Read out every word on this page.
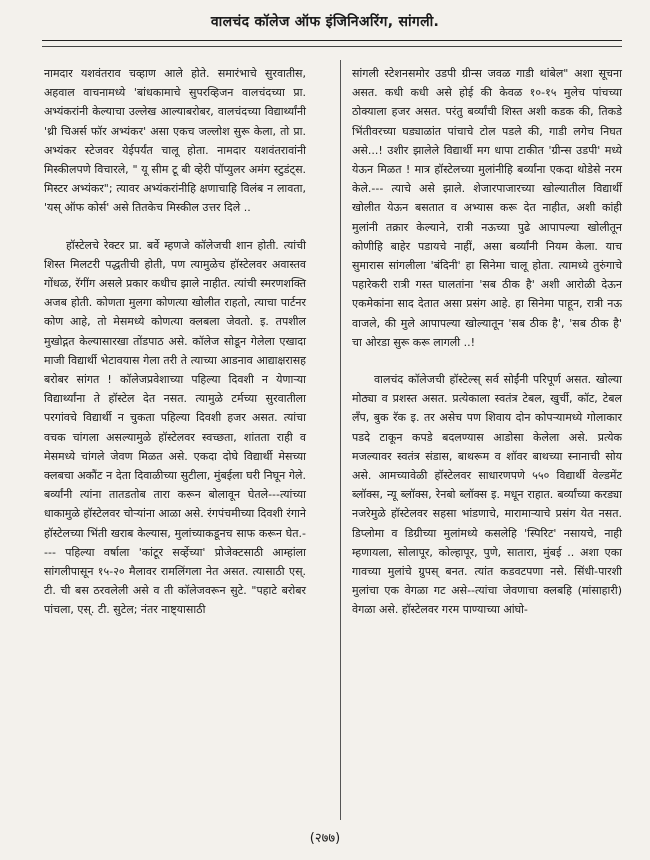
वालचंद कॉलेज ऑफ इंजिनिअरिंग, सांगली.

नामदार यशवंतराव चव्हाण आले होते. समारंभाचे सुरवातीस, अहवाल वाचनामध्ये 'बांधकामाचे सुपरव्हिजन वालचंदच्या प्रा. अभ्यंकरांनी केल्याचा उल्लेख आल्याबरोबर, वालचंदच्या विद्यार्थ्यांनी 'थ्री चिअर्स फॉर अभ्यंकर' असा एकच जल्लोश सुरू केला, तो प्रा. अभ्यंकर स्टेजवर येईपर्यंत चालू होता. नामदार यशवंतरावांनी मिस्कीलपणे विचारले, " यू सीम टू बी व्हेरी पॉप्युलर अमंग स्टुडंट्स. मिस्टर अभ्यंकर"; त्यावर अभ्यंकरांनीहि क्षणाचाहि विलंब न लावता, 'यस् ऑफ कोर्स' असे तितकेच मिस्कील उत्तर दिले ..

हॉस्टेलचे रेक्टर प्रा. बर्वे म्हणजे कॉलेजची शान होती. त्यांची शिस्त मिलटरी पद्धतीची होती, पण त्यामुळेच हॉस्टेलवर अवास्तव गोंधळ, रॅगींग असले प्रकार कधीच झाले नाहीत. त्यांची स्मरणशक्ति अजब होती. कोणता मुलगा कोणत्या खोलीत राहतो, त्याचा पार्टनर कोण आहे, तो मेसमध्ये कोणत्या क्लबला जेवतो. इ. तपशील मुखोद्गत केल्यासारखा तोंडपाठ असे. कॉलेज सोडून गेलेला एखादा माजी विद्यार्थी भेटावयास गेला तरी ते त्याच्या आडनाव आद्याक्षरासह बरोबर सांगत ! कॉलेजप्रवेशाच्या पहिल्या दिवशी न येणाऱ्या विद्यार्थ्यांना ते हॉस्टेल देत नसत. त्यामुळे टर्मच्या सुरवातीला परगांवचे विद्यार्थी न चुकता पहिल्या दिवशी हजर असत. त्यांचा वचक चांगला असल्यामुळे हॉस्टेलवर स्वच्छता, शांतता राही व मेसमध्ये चांगले जेवण मिळत असे. एकदा दोघे विद्यार्थी मेसच्या क्लबचा अकौंट न देता दिवाळीच्या सुटीला, मुंबईला घरी निघून गेले. बर्व्यांनी त्यांना तातडतोब तारा करून बोलावून घेतले---त्यांच्या धाकामुळे हॉस्टेलवर चोऱ्यांना आळा असे. रंगपंचमीच्या दिवशी रंगाने हॉस्टेलच्या भिंती खराब केल्यास, मुलांच्याकडूनच साफ करून घेत.---- पहिल्या वर्षाला 'कांटूर सर्व्हेच्या' प्रोजेक्टसाठी आम्हांला सांगलीपासून १५-२० मैलावर रामलिंगला नेत असत. त्यासाठी एस्. टी. ची बस ठरवलेली असे व ती कॉलेजवरून सुटे. "पहाटे बरोबर पांचला, एस्. टी. सुटेल; नंतर नाष्ट्यासाठी

सांगली स्टेशनसमोर उडपी ग्रीन्स जवळ गाडी थांबेल" अशा सूचना असत. कधी कधी असे होई की केवळ १०-१५ मुलेच पांचच्या ठोक्याला हजर असत. परंतु बर्व्यांची शिस्त अशी कडक की, तिकडे भिंतीवरच्या घड्याळांत पांचाचे टोल पडले की, गाडी लगेच निघत असे...! उशीर झालेले विद्यार्थी मग धापा टाकीत 'ग्रीन्स उडपी' मध्ये येऊन मिळत ! मात्र हॉस्टेलच्या मुलांनीहि बर्व्यांना एकदा थोडेसे नरम केले.--- त्याचे असे झाले. शेजारपाजारच्या खोल्यातील विद्यार्थी खोलीत येऊन बसतात व अभ्यास करू देत नाहीत, अशी कांही मुलांनी तक्रार केल्याने, रात्री नऊच्या पुढे आपापल्या खोलीतून कोणीहि बाहेर पडायचे नाहीं, असा बर्व्यांनी नियम केला. याच सुमारास सांगलीला 'बंदिनी' हा सिनेमा चालू होता. त्यामध्ये तुरुंगाचे पहारेकरी रात्री गस्त घालतांना 'सब ठीक है' अशी आरोळी देऊन एकमेकांना साद देतात असा प्रसंग आहे. हा सिनेमा पाहून, रात्री नऊ वाजले, की मुले आपापल्या खोल्यातून 'सब ठीक है', 'सब ठीक है' चा ओरडा सुरू करू लागली ..!

वालचंद कॉलेजची हॉस्टेल्स् सर्व सोईंनी परिपूर्ण असत. खोल्या मोठ्या व प्रशस्त असत. प्रत्येकाला स्वतंत्र टेबल, खुर्ची, कॉट, टेबल लँप, बुक रॅक इ. तर असेच पण शिवाय दोन कोपऱ्यामध्ये गोलाकार पडदे टाकून कपडे बदलण्यास आडोसा केलेला असे. प्रत्येक मजल्यावर स्वतंत्र संडास, बाथरूम व शॉवर बाथच्या स्नानाची सोय असे. आमच्यावेळी हॉस्टेलवर साधारणपणे ५५० विद्यार्थी वेल्डमेंट ब्लॉक्स, न्यू ब्लॉक्स, रेनबो ब्लॉक्स इ. मधून राहात. बर्व्यांच्या करड्या नजरेमुळे हॉस्टेलवर सहसा भांडणाचे, मारामाऱ्याचे प्रसंग येत नसत. डिप्लोमा व डिग्रीच्या मुलांमध्ये कसलेहि 'स्पिरिट' नसायचे, नाही म्हणायला, सोलापूर, कोल्हापूर, पुणे, सातारा, मुंबई .. अशा एका गावच्या मुलांचे ग्रुपस् बनत. त्यांत कडवटपणा नसे. सिंधी-पारशी मुलांचा एक वेगळा गट असे--त्यांचा जेवणाचा क्लबहि (मांसाहारी) वेगळा असे. हॉस्टेलवर गरम पाण्याच्या आंघो-

(२७७)
